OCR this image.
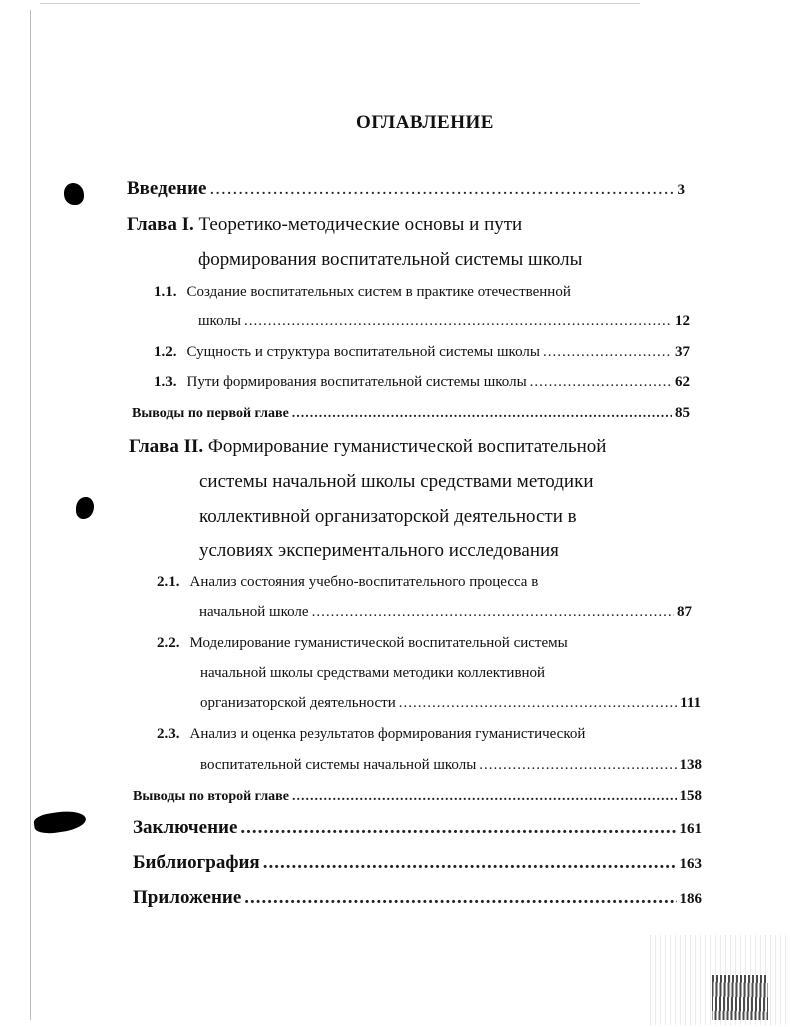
ОГЛАВЛЕНИЕ
Введение .....	3
Глава I. Теоретико-методические основы и пути
формирования воспитательной системы школы
1.1. Создание воспитательных систем в практике отечественной
школы .....	12
1.2. Сущность и структура воспитательной системы школы .....	37
1.3. Пути формирования воспитательной системы школы .....	62
Выводы по первой главе .....	85
Глава II. Формирование гуманистической воспитательной
системы начальной школы средствами методики
коллективной организаторской деятельности в
условиях экспериментального исследования
2.1. Анализ состояния учебно-воспитательного процесса в
начальной школе .....	87
2.2. Моделирование гуманистической воспитательной системы
начальной школы средствами методики коллективной
организаторской деятельности .....	111
2.3. Анализ и оценка результатов формирования гуманистической
воспитательной системы начальной школы .....	138
Выводы по второй главе .....	158
Заключение .....	161
Библиография .....	163
Приложение .....	186
